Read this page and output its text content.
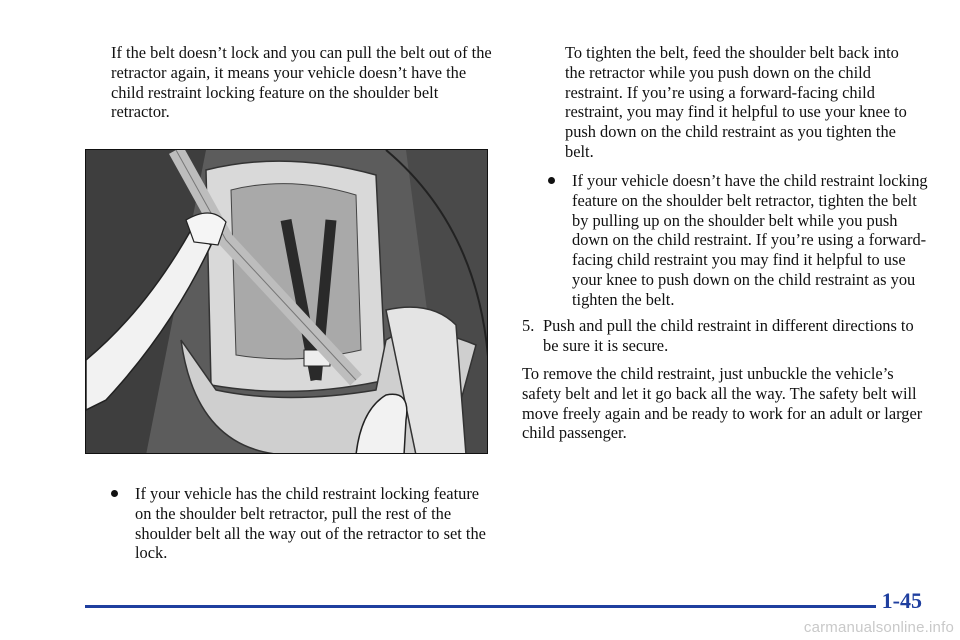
If the belt doesn’t lock and you can pull the belt out of the retractor again, it means your vehicle doesn’t have the child restraint locking feature on the shoulder belt retractor.

If your vehicle has the child restraint locking feature on the shoulder belt retractor, pull the rest of the shoulder belt all the way out of the retractor to set the lock.

To tighten the belt, feed the shoulder belt back into the retractor while you push down on the child restraint. If you’re using a forward-facing child restraint, you may find it helpful to use your knee to push down on the child restraint as you tighten the belt.

If your vehicle doesn’t have the child restraint locking feature on the shoulder belt retractor, tighten the belt by pulling up on the shoulder belt while you push down on the child restraint. If you’re using a forward-facing child restraint you may find it helpful to use your knee to push down on the child restraint as you tighten the belt.
5. Push and pull the child restraint in different directions to be sure it is secure.

To remove the child restraint, just unbuckle the vehicle’s safety belt and let it go back all the way. The safety belt will move freely again and be ready to work for an adult or larger child passenger.

1-45
carmanualsonline.info
